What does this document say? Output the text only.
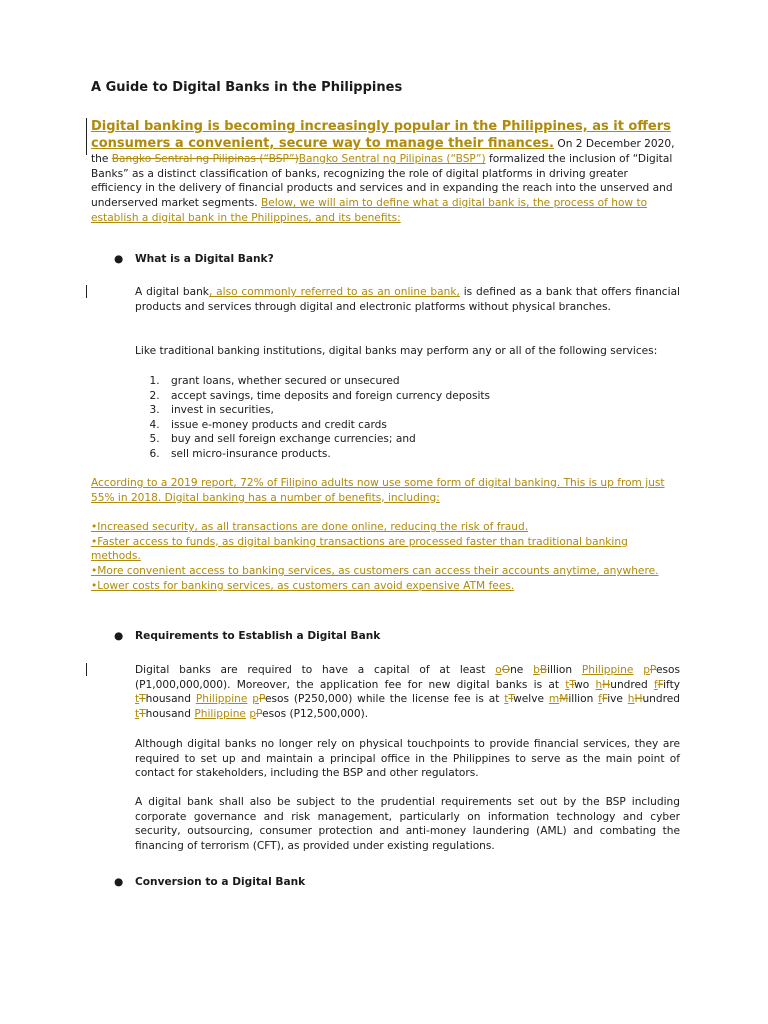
A Guide to Digital Banks in the Philippines
Digital banking is becoming increasingly popular in the Philippines, as it offers consumers a convenient, secure way to manage their finances. On 2 December 2020, the Bangko Sentral ng Pilipinas (“BSP”)Bangko Sentral ng Pilipinas (“BSP”) formalized the inclusion of “Digital Banks” as a distinct classification of banks, recognizing the role of digital platforms in driving greater efficiency in the delivery of financial products and services and in expanding the reach into the unserved and underserved market segments. Below, we will aim to define what a digital bank is, the process of how to establish a digital bank in the Philippines, and its benefits:
● What is a Digital Bank?
A digital bank, also commonly referred to as an online bank, is defined as a bank that offers financial products and services through digital and electronic platforms without physical branches.
Like traditional banking institutions, digital banks may perform any or all of the following services:
1. grant loans, whether secured or unsecured
2. accept savings, time deposits and foreign currency deposits
3. invest in securities,
4. issue e-money products and credit cards
5. buy and sell foreign exchange currencies; and
6. sell micro-insurance products.
According to a 2019 report, 72% of Filipino adults now use some form of digital banking. This is up from just 55% in 2018. Digital banking has a number of benefits, including:
•Increased security, as all transactions are done online, reducing the risk of fraud.
•Faster access to funds, as digital banking transactions are processed faster than traditional banking methods.
•More convenient access to banking services, as customers can access their accounts anytime, anywhere.
•Lower costs for banking services, as customers can avoid expensive ATM fees.
● Requirements to Establish a Digital Bank
Digital banks are required to have a capital of at least oOne bBillion Philippine pPesos (P1,000,000,000). Moreover, the application fee for new digital banks is at tTwo hHundred fFifty tThousand Philippine pPesos (P250,000) while the license fee is at tTwelve mMillion fFive hHundred tThousand Philippine pPesos (P12,500,000).
Although digital banks no longer rely on physical touchpoints to provide financial services, they are required to set up and maintain a principal office in the Philippines to serve as the main point of contact for stakeholders, including the BSP and other regulators.
A digital bank shall also be subject to the prudential requirements set out by the BSP including corporate governance and risk management, particularly on information technology and cyber security, outsourcing, consumer protection and anti-money laundering (AML) and combating the financing of terrorism (CFT), as provided under existing regulations.
● Conversion to a Digital Bank
